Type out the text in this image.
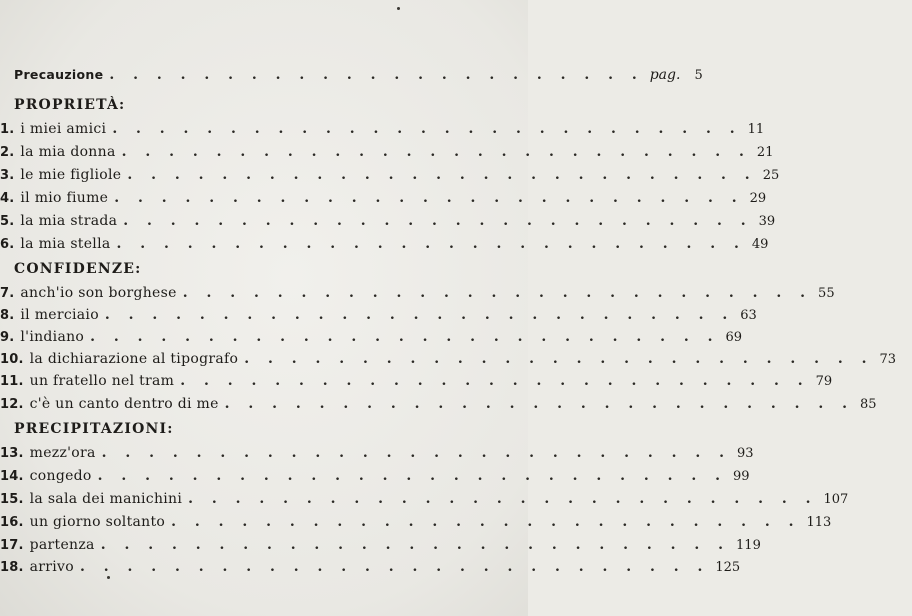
Precauzione . . . . . . . . . . . . . . . . . . . . . . . pag. 5
PROPRIETÀ:
1. i miei amici . . . . . . . . . . . . . . . . . . . . . . . . . . . 11
2. la mia donna . . . . . . . . . . . . . . . . . . . . . . . . . . . 21
3. le mie figliole . . . . . . . . . . . . . . . . . . . . . . . . . . . 25
4. il mio fiume . . . . . . . . . . . . . . . . . . . . . . . . . . . 29
5. la mia strada . . . . . . . . . . . . . . . . . . . . . . . . . . . 39
6. la mia stella . . . . . . . . . . . . . . . . . . . . . . . . . . . 49
CONFIDENZE:
7. anch'io son borghese . . . . . . . . . . . . . . . . . . . . . . . . . . . 55
8. il merciaio . . . . . . . . . . . . . . . . . . . . . . . . . . . 63
9. l'indiano . . . . . . . . . . . . . . . . . . . . . . . . . . . 69
10. la dichiarazione al tipografo . . . . . . . . . . . . . . . . . . . . . . . . . . . 73
11. un fratello nel tram . . . . . . . . . . . . . . . . . . . . . . . . . . . 79
12. c'è un canto dentro di me . . . . . . . . . . . . . . . . . . . . . . . . . . . 85
PRECIPITAZIONI:
13. mezz'ora . . . . . . . . . . . . . . . . . . . . . . . . . . . 93
14. congedo . . . . . . . . . . . . . . . . . . . . . . . . . . . 99
15. la sala dei manichini . . . . . . . . . . . . . . . . . . . . . . . . . . . 107
16. un giorno soltanto . . . . . . . . . . . . . . . . . . . . . . . . . . . 113
17. partenza . . . . . . . . . . . . . . . . . . . . . . . . . . . 119
18. arrivo . . . . . . . . . . . . . . . . . . . . . . . . . . . 125
